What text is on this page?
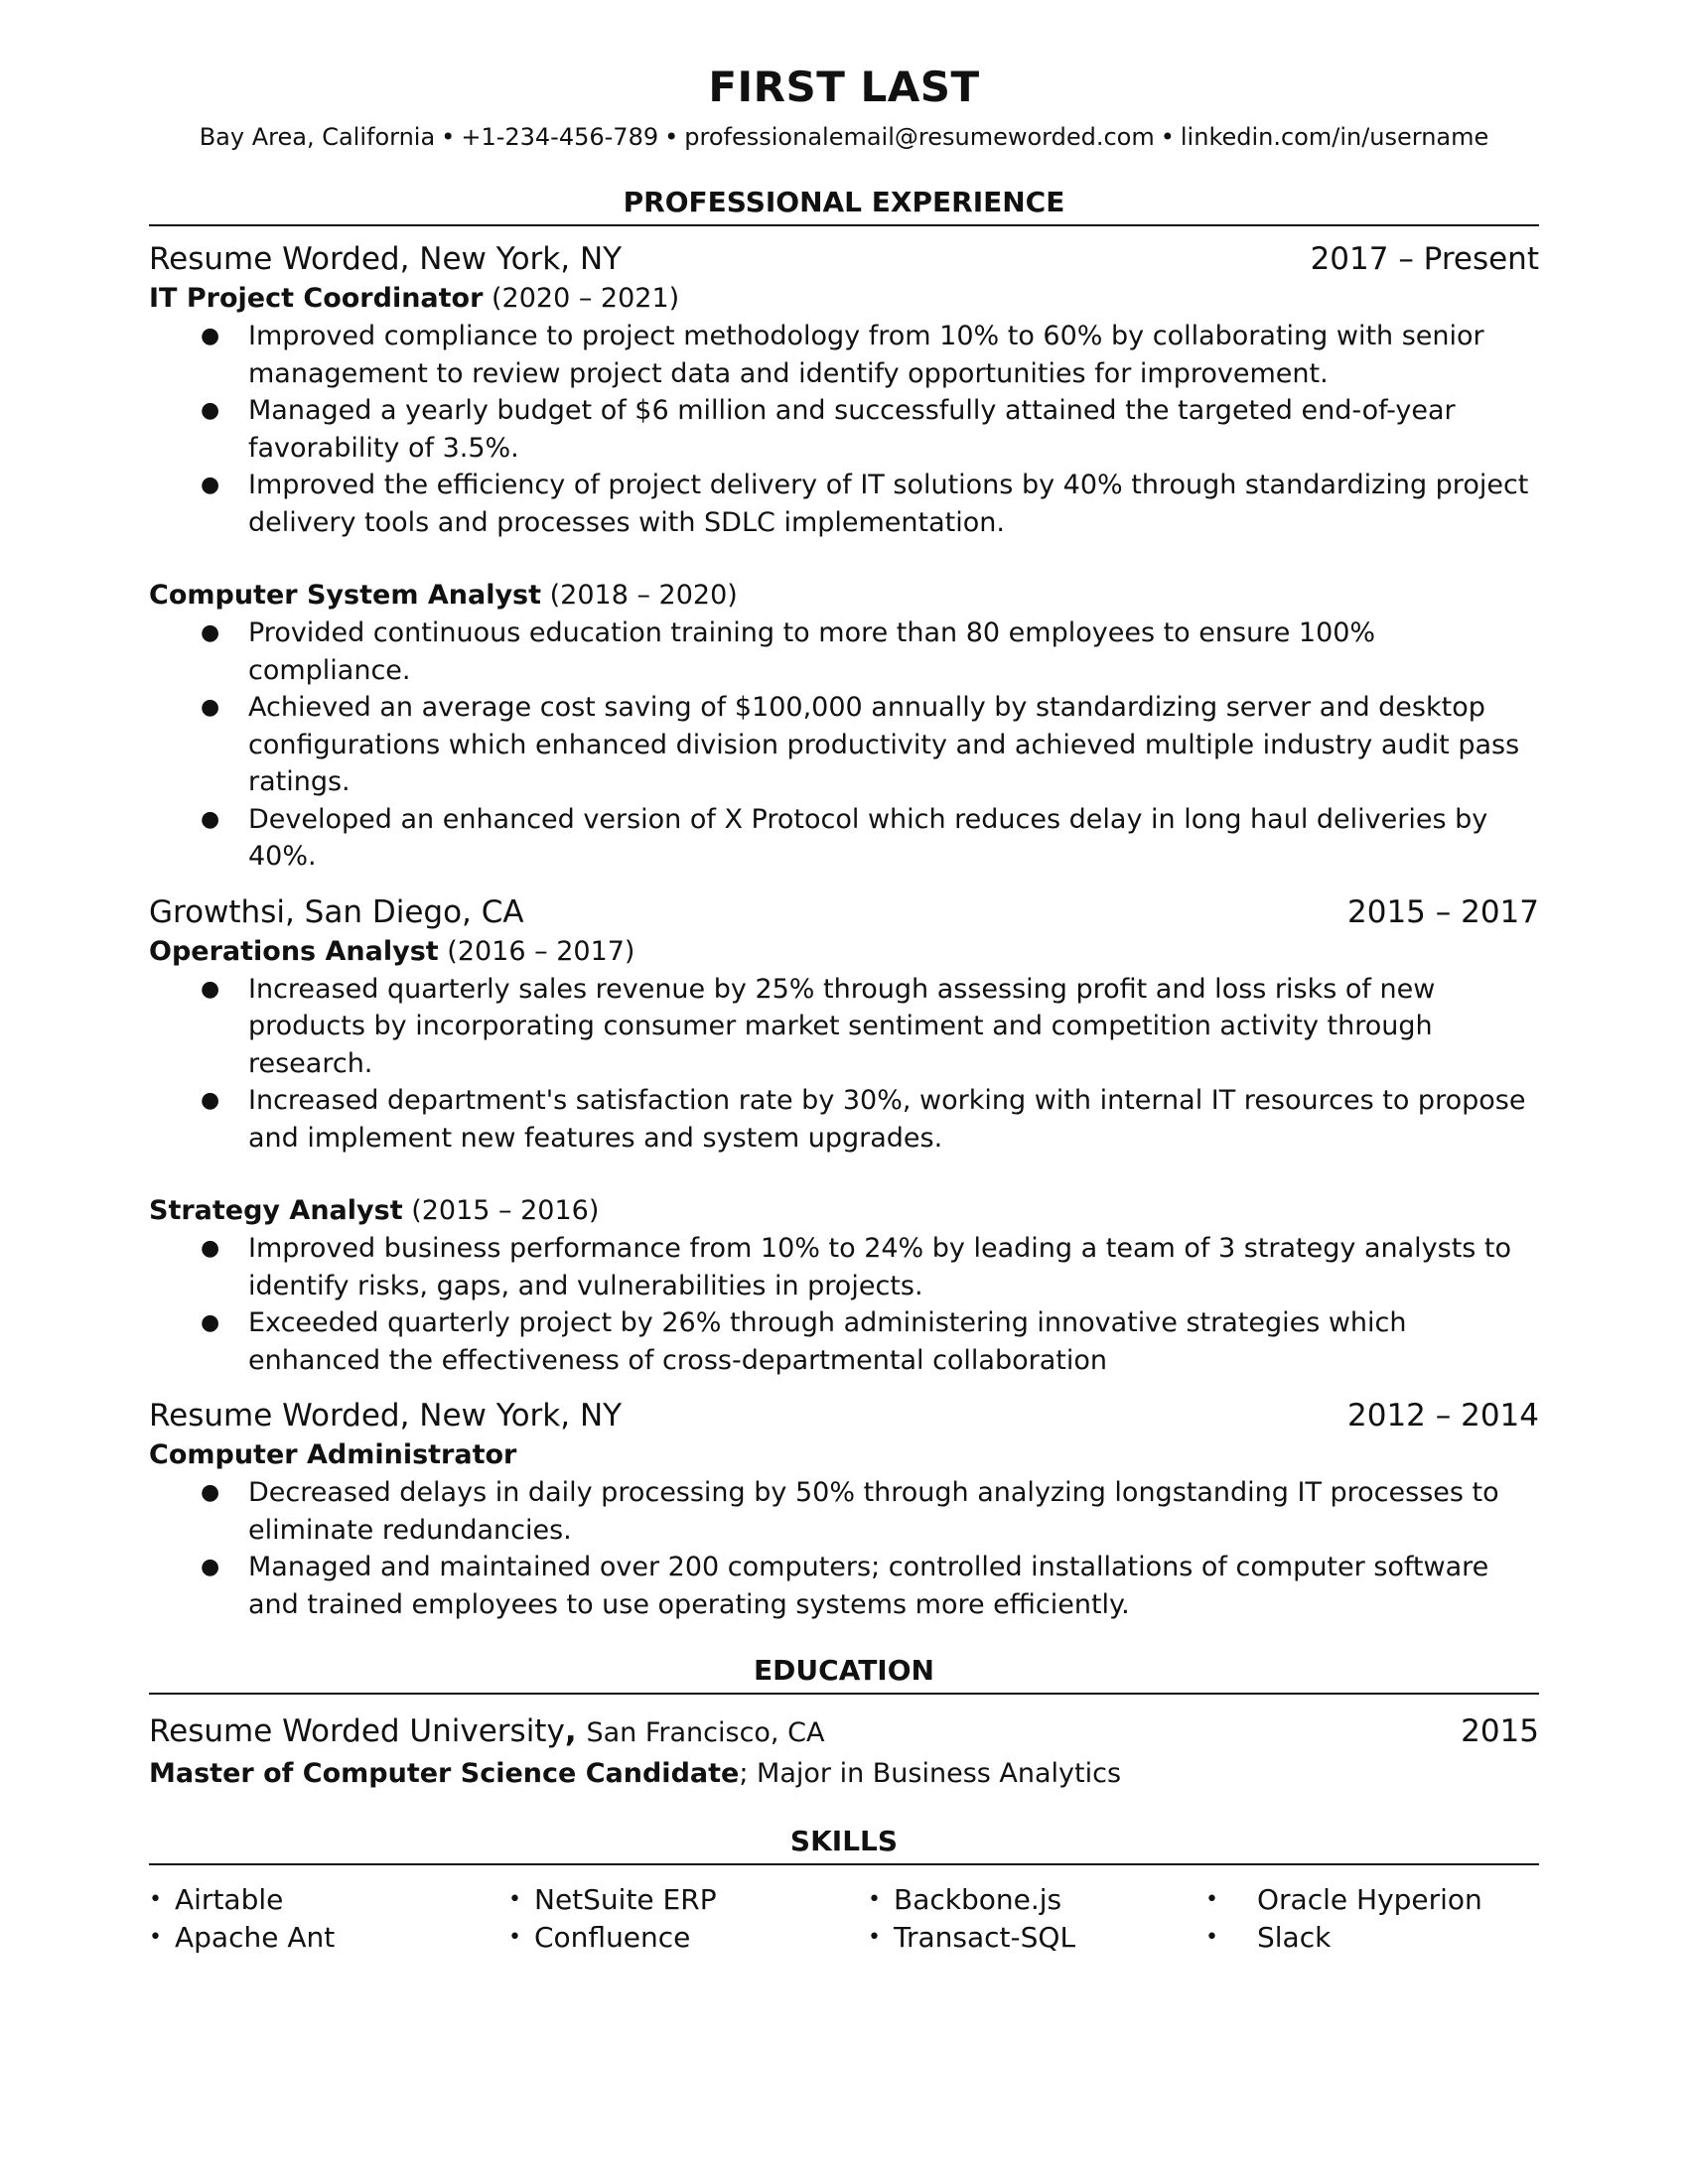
FIRST LAST
Bay Area, California • +1-234-456-789 • professionalemail@resumeworded.com • linkedin.com/in/username
PROFESSIONAL EXPERIENCE
Resume Worded, New York, NY	2017 – Present
IT Project Coordinator (2020 – 2021)
● Improved compliance to project methodology from 10% to 60% by collaborating with senior management to review project data and identify opportunities for improvement.
● Managed a yearly budget of $6 million and successfully attained the targeted end-of-year favorability of 3.5%.
● Improved the efficiency of project delivery of IT solutions by 40% through standardizing project delivery tools and processes with SDLC implementation.
Computer System Analyst (2018 – 2020)
● Provided continuous education training to more than 80 employees to ensure 100% compliance.
● Achieved an average cost saving of $100,000 annually by standardizing server and desktop configurations which enhanced division productivity and achieved multiple industry audit pass ratings.
● Developed an enhanced version of X Protocol which reduces delay in long haul deliveries by 40%.
Growthsi, San Diego, CA	2015 – 2017
Operations Analyst (2016 – 2017)
● Increased quarterly sales revenue by 25% through assessing profit and loss risks of new products by incorporating consumer market sentiment and competition activity through research.
● Increased department's satisfaction rate by 30%, working with internal IT resources to propose and implement new features and system upgrades.
Strategy Analyst (2015 – 2016)
● Improved business performance from 10% to 24% by leading a team of 3 strategy analysts to identify risks, gaps, and vulnerabilities in projects.
● Exceeded quarterly project by 26% through administering innovative strategies which enhanced the effectiveness of cross-departmental collaboration
Resume Worded, New York, NY	2012 – 2014
Computer Administrator
● Decreased delays in daily processing by 50% through analyzing longstanding IT processes to eliminate redundancies.
● Managed and maintained over 200 computers; controlled installations of computer software and trained employees to use operating systems more efficiently.
EDUCATION
Resume Worded University, San Francisco, CA	2015
Master of Computer Science Candidate; Major in Business Analytics
SKILLS
• Airtable	• NetSuite ERP	• Backbone.js	• Oracle Hyperion
• Apache Ant	• Confluence	• Transact-SQL	• Slack
